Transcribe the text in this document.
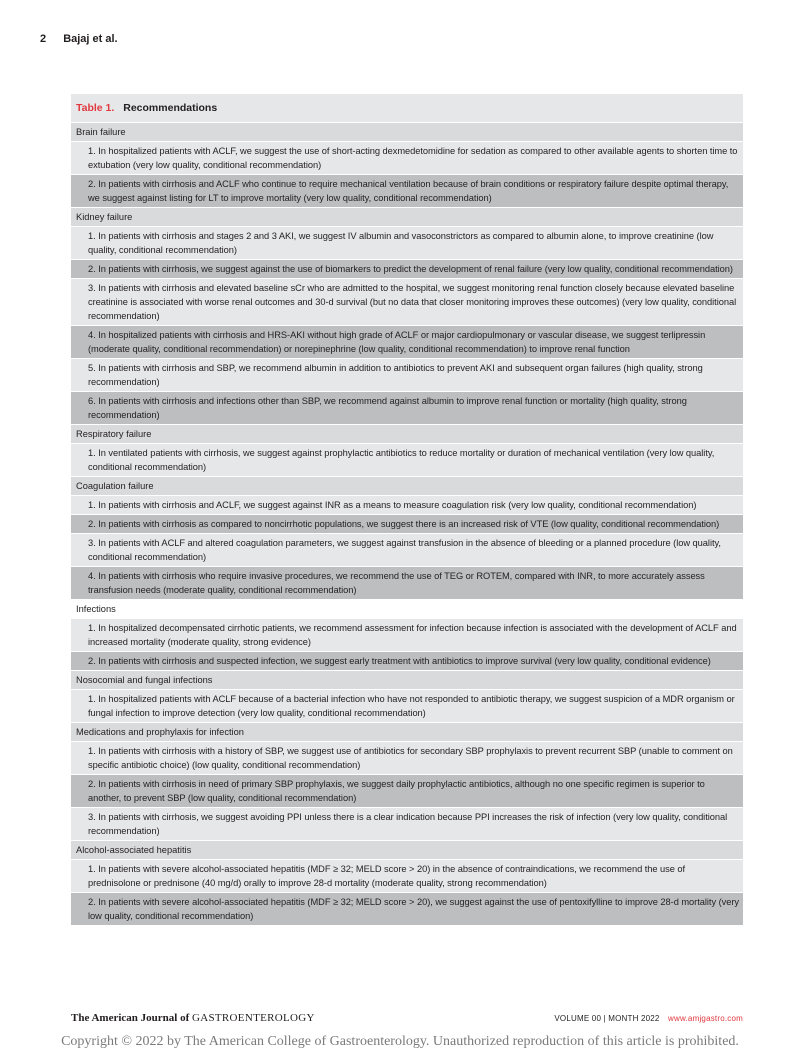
2 Bajaj et al.
Table 1. Recommendations
Brain failure
1. In hospitalized patients with ACLF, we suggest the use of short-acting dexmedetomidine for sedation as compared to other available agents to shorten time to extubation (very low quality, conditional recommendation)
2. In patients with cirrhosis and ACLF who continue to require mechanical ventilation because of brain conditions or respiratory failure despite optimal therapy, we suggest against listing for LT to improve mortality (very low quality, conditional recommendation)
Kidney failure
1. In patients with cirrhosis and stages 2 and 3 AKI, we suggest IV albumin and vasoconstrictors as compared to albumin alone, to improve creatinine (low quality, conditional recommendation)
2. In patients with cirrhosis, we suggest against the use of biomarkers to predict the development of renal failure (very low quality, conditional recommendation)
3. In patients with cirrhosis and elevated baseline sCr who are admitted to the hospital, we suggest monitoring renal function closely because elevated baseline creatinine is associated with worse renal outcomes and 30-d survival (but no data that closer monitoring improves these outcomes) (very low quality, conditional recommendation)
4. In hospitalized patients with cirrhosis and HRS-AKI without high grade of ACLF or major cardiopulmonary or vascular disease, we suggest terlipressin (moderate quality, conditional recommendation) or norepinephrine (low quality, conditional recommendation) to improve renal function
5. In patients with cirrhosis and SBP, we recommend albumin in addition to antibiotics to prevent AKI and subsequent organ failures (high quality, strong recommendation)
6. In patients with cirrhosis and infections other than SBP, we recommend against albumin to improve renal function or mortality (high quality, strong recommendation)
Respiratory failure
1. In ventilated patients with cirrhosis, we suggest against prophylactic antibiotics to reduce mortality or duration of mechanical ventilation (very low quality, conditional recommendation)
Coagulation failure
1. In patients with cirrhosis and ACLF, we suggest against INR as a means to measure coagulation risk (very low quality, conditional recommendation)
2. In patients with cirrhosis as compared to noncirrhotic populations, we suggest there is an increased risk of VTE (low quality, conditional recommendation)
3. In patients with ACLF and altered coagulation parameters, we suggest against transfusion in the absence of bleeding or a planned procedure (low quality, conditional recommendation)
4. In patients with cirrhosis who require invasive procedures, we recommend the use of TEG or ROTEM, compared with INR, to more accurately assess transfusion needs (moderate quality, conditional recommendation)
Infections
1. In hospitalized decompensated cirrhotic patients, we recommend assessment for infection because infection is associated with the development of ACLF and increased mortality (moderate quality, strong evidence)
2. In patients with cirrhosis and suspected infection, we suggest early treatment with antibiotics to improve survival (very low quality, conditional evidence)
Nosocomial and fungal infections
1. In hospitalized patients with ACLF because of a bacterial infection who have not responded to antibiotic therapy, we suggest suspicion of a MDR organism or fungal infection to improve detection (very low quality, conditional recommendation)
Medications and prophylaxis for infection
1. In patients with cirrhosis with a history of SBP, we suggest use of antibiotics for secondary SBP prophylaxis to prevent recurrent SBP (unable to comment on specific antibiotic choice) (low quality, conditional recommendation)
2. In patients with cirrhosis in need of primary SBP prophylaxis, we suggest daily prophylactic antibiotics, although no one specific regimen is superior to another, to prevent SBP (low quality, conditional recommendation)
3. In patients with cirrhosis, we suggest avoiding PPI unless there is a clear indication because PPI increases the risk of infection (very low quality, conditional recommendation)
Alcohol-associated hepatitis
1. In patients with severe alcohol-associated hepatitis (MDF ≥ 32; MELD score > 20) in the absence of contraindications, we recommend the use of prednisolone or prednisone (40 mg/d) orally to improve 28-d mortality (moderate quality, strong recommendation)
2. In patients with severe alcohol-associated hepatitis (MDF ≥ 32; MELD score > 20), we suggest against the use of pentoxifylline to improve 28-d mortality (very low quality, conditional recommendation)
The American Journal of GASTROENTEROLOGY	VOLUME 00 | MONTH 2022 www.amjgastro.com
Copyright © 2022 by The American College of Gastroenterology. Unauthorized reproduction of this article is prohibited.
